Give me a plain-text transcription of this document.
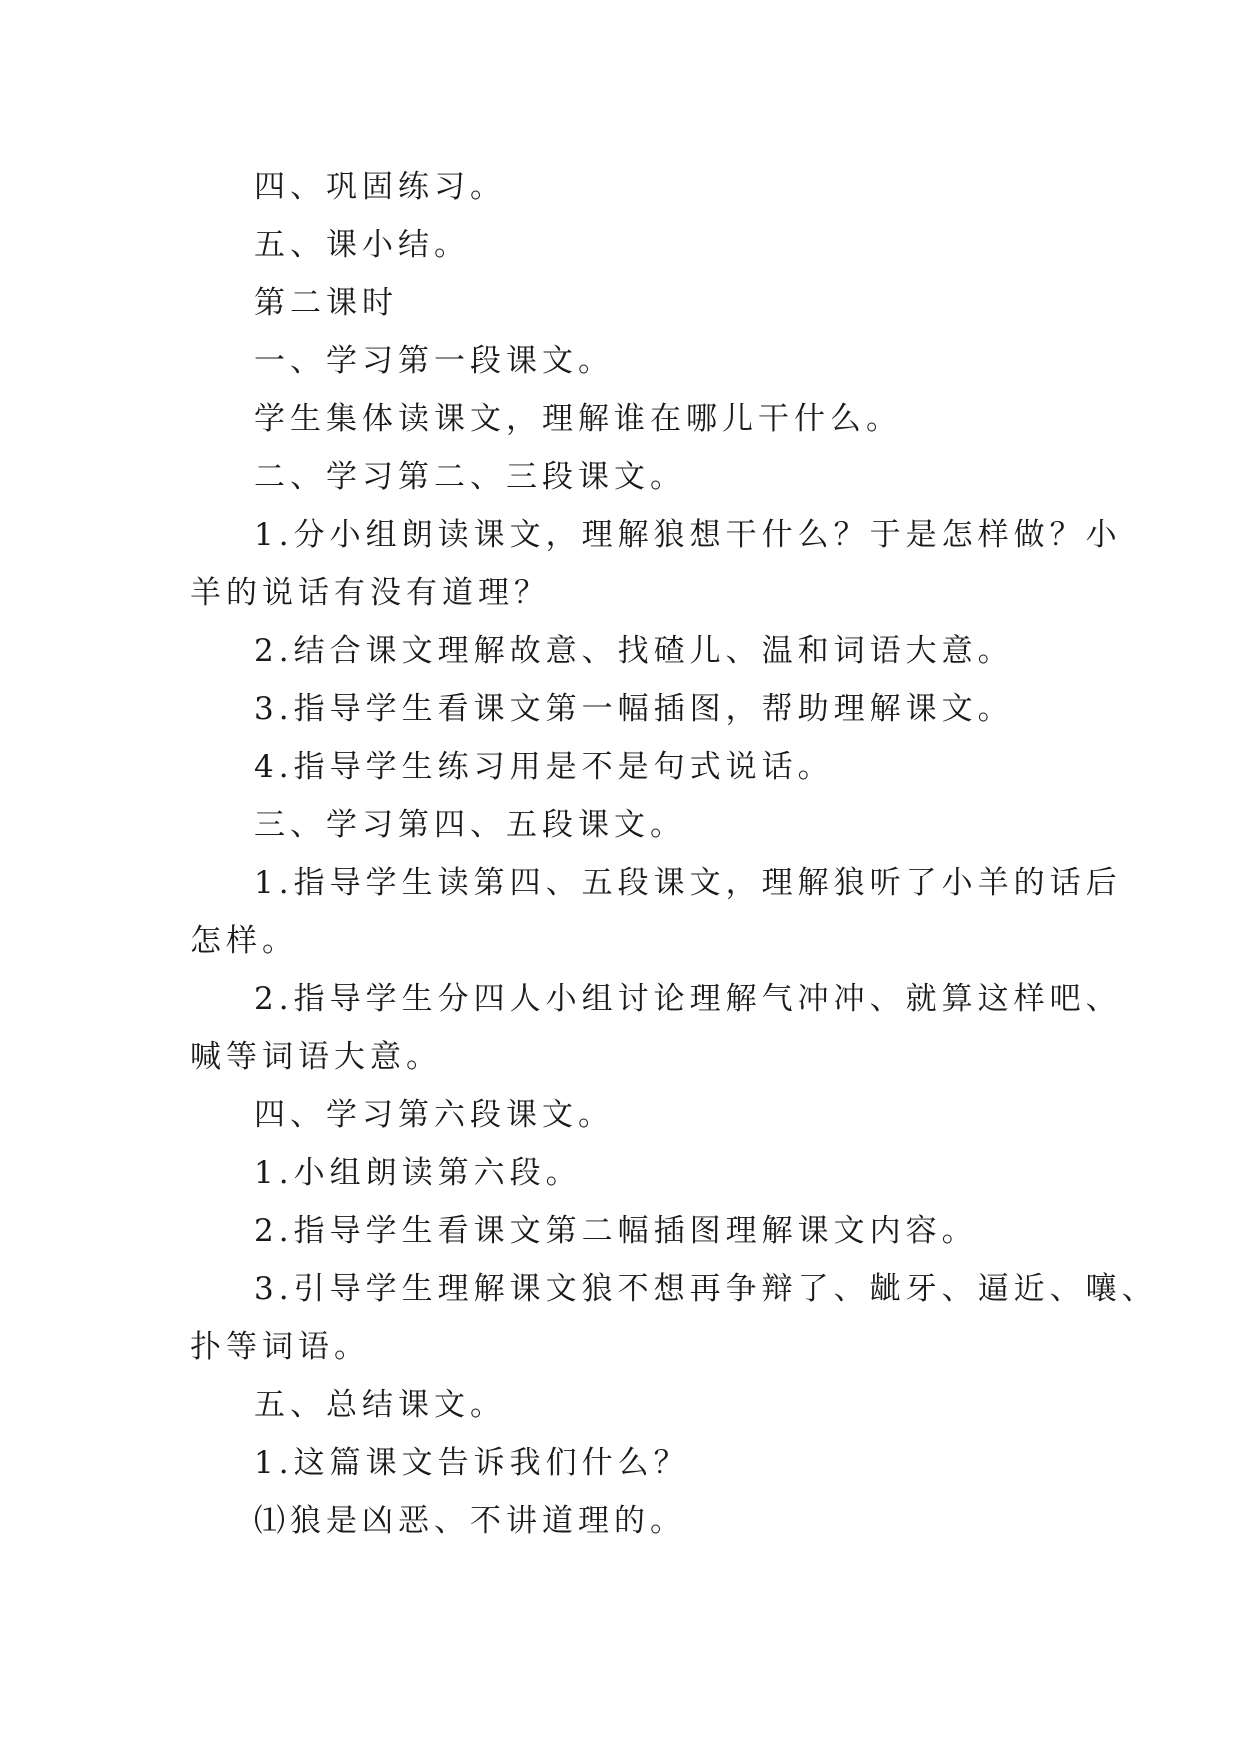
四、巩固练习。

五、课小结。

第二课时

一、学习第一段课文。

学生集体读课文，理解谁在哪儿干什么。

二、学习第二、三段课文。

1.分小组朗读课文，理解狼想干什么？于是怎样做？小

羊的说话有没有道理？

2.结合课文理解故意、找碴儿、温和词语大意。

3.指导学生看课文第一幅插图，帮助理解课文。

4.指导学生练习用是不是句式说话。

三、学习第四、五段课文。

1.指导学生读第四、五段课文，理解狼听了小羊的话后

怎样。

2.指导学生分四人小组讨论理解气冲冲、就算这样吧、

喊等词语大意。

四、学习第六段课文。

1.小组朗读第六段。

2.指导学生看课文第二幅插图理解课文内容。

3.引导学生理解课文狼不想再争辩了、龇牙、逼近、嚷、

扑等词语。

五、总结课文。

1.这篇课文告诉我们什么？

⑴狼是凶恶、不讲道理的。
